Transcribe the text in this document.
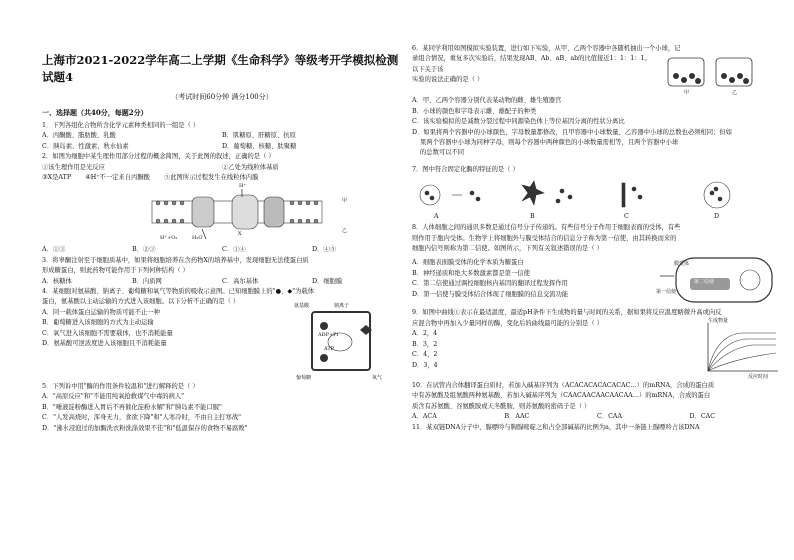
上海市2021-2022学年高二上学期《生命科学》等级考开学模拟检测试题4
（考试时间60分钟 满分100分）
一、选择题（共40分，每题2分）

1．下列各组化合物所含化学元素种类相同的一组是（ ）

A．丙酮酸、脂肪酸、乳酸	B．肌糖原、肝糖原、抗原
C．胰岛素、性激素、秋水仙素	D．葡萄糖、核糖、肽聚糖

2．如图为细胞中某生理作用部分过程的概念简图，关于此图的叙述，正确的是（ ）

①该生理作用是光反应	②乙处为线粒体基质
③X是ATP ④H⁺不一定来自丙酮酸 ⑤此图所示过程发生在线粒体内膜
H⁺
X
H⁺+O₂	H₂O
甲
乙
A．①③	B．②③	C．①④	D．④⑤

3．将睾酮注射至于细胞质基中，如果将细胞培养在含药物X的培养基中，发现细胞无法使蛋白质

形成糖蛋白，则此药物可能作用于下列何种结构（ ）

A．核糖体	B．内质网	C．高尔基体	D．细胞膜

4．某细胞对氨基酸、钠离子、葡萄糖和氧气等物质的吸收示意图。已知细胞膜上的"●、◆"为载体

蛋白，氨基酸以主动运输的方式进入该细胞。以下分析不正确的是（ ）

A．同一载体蛋白运输的物质可能不止一种

B．葡萄糖进入该细胞的方式为主动运输

C．氧气进入该细胞不需要载体，也不消耗能量

D．氨基酸可逆浓度进入该细胞且不消耗能量

氨基酸	钠离子
ADP+Pi
ATP
葡萄糖	氧气

5．下列诉中用"酶的作用条件较温和"进行解释的是（ ）

A．"高原反应"和"不能用纯氧抢救煤气中毒的病人"

B．"唾液淀粉酶进入胃后不再催化淀粉水解"和"胰岛素不能口服"

C．"人发高烧时，浑身无力，食欲下降"和"人寒冷时，不由自主打寒战"

D．"沸水浸泡过的加酶洗衣粉洗涤效果不佳"和"低温保存的食物不易腐败"

6．某同学利用如图模拟实验装置，进行如下实验，从甲、乙两个容器中各随机抽出一个小球，记

录组合情况，重复多次实验后，结果发现AB、Ab、aB、ab的比值接近1：1：1：1。以下关于该

实验的说法正确的是（ ）

甲	乙

A．甲、乙两个容器分别代表某动物的雌、雄生殖器官

B．小球的颜色和字母表示雌、雄配子的种类

C．该实验模拟的是减数分裂过程中同源染色体上等位基因分离的性状分离比

D．如果将两个容器中的小球颜色、字母数量都修改，且甲容器中小球数量、乙容器中小球的总数也必须相同；但如

果两个容器中小球为同种字母，则每个容器中两种颜色的小球数量需相等，且两个容器中小球

的总数可以不同

7．图中符合固定化酶的特征的是（ ）

A	B	C	D

8．人体细胞之间的通讯多数是通过信号分子传递的。有些信号分子作用于细胞表面的受体，有些

则作用于胞内受体。生物学上将细胞外与膜受体结合的信息分子称为第一信使，由其转换而来的

细胞内信号则称为第二信使。如图所示，下列有关叙述错误的是（ ）

A．细胞表面膜受体的化学本质为糖蛋白

B．神经递质和绝大多数激素都是第一信使

C．第二信使通过调控细胞核内基因的翻译过程发挥作用

D．第一信使与膜受体结合体现了细胞膜的信息交流功能

膜受体
第一信使
第二信使

9．如图中曲线①表示在最适温度、最适pH条件下生成物的量与时间的关系，据如果将反应温度略微升高或向反

应混合物中再加入少量同样的酶，变化后的曲线最可能的分别是（ ）

A．2，4

B．3，2

C．4，2

D．3，4

生成物量
反应时间

10．在试管内合体翻译蛋白质时，若加入碱基序列为（ACACACACACACAC…）的mRNA，合成的蛋白质

中有苏氨酸及组氨酸两种氨基酸，若加入碱基序列为（CAACAACAACAACAA…）的mRNA，合成的蛋白

质含有苏氨酸、谷氨酰胺或天冬酰胺，则苏氨酸的密码子是（ ）

A．ACA	B．AAC	C．CAA	D．CAC

11．某双链DNA分子中，腺嘌呤与胸腺嘧啶之和占全部碱基的比例为a，其中一条链上腺嘌呤占该DNA
